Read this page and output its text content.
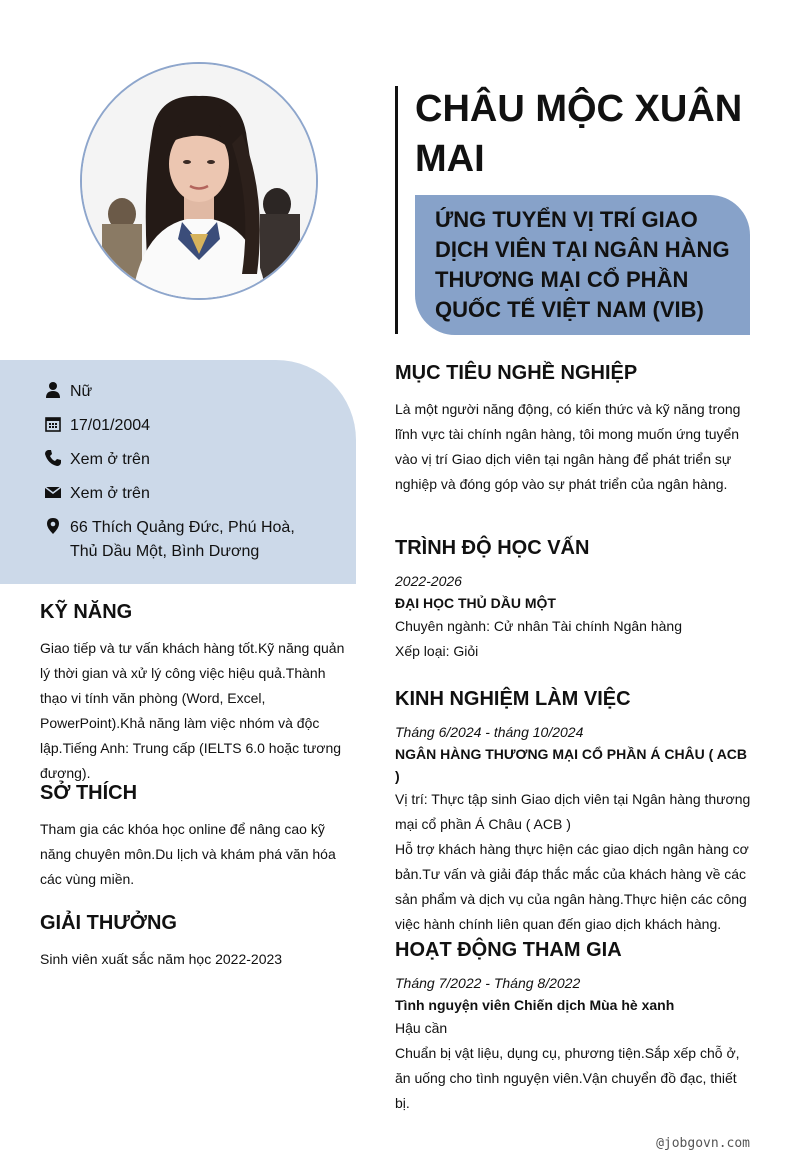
Nữ
17/01/2004
Xem ở trên
Xem ở trên
66 Thích Quảng Đức, Phú Hoà,
Thủ Dầu Một, Bình Dương
KỸ NĂNG
Giao tiếp và tư vấn khách hàng tốt.Kỹ năng quản lý thời gian và xử lý công việc hiệu quả.Thành thạo vi tính văn phòng (Word, Excel, PowerPoint).Khả năng làm việc nhóm và độc lập.Tiếng Anh: Trung cấp (IELTS 6.0 hoặc tương đương).
SỞ THÍCH
Tham gia các khóa học online để nâng cao kỹ năng chuyên môn.Du lịch và khám phá văn hóa các vùng miền.
GIẢI THƯỞNG
Sinh viên xuất sắc năm học 2022-2023
CHÂU MỘC XUÂN MAI
ỨNG TUYỂN VỊ TRÍ GIAO DỊCH VIÊN TẠI NGÂN HÀNG THƯƠNG MẠI CỔ PHẦN QUỐC TẾ VIỆT NAM (VIB)
MỤC TIÊU NGHỀ NGHIỆP
Là một người năng động, có kiến thức và kỹ năng trong lĩnh vực tài chính ngân hàng, tôi mong muốn ứng tuyển vào vị trí Giao dịch viên tại ngân hàng để phát triển sự nghiệp và đóng góp vào sự phát triển của ngân hàng.
TRÌNH ĐỘ HỌC VẤN
2022-2026
ĐẠI HỌC THỦ DẦU MỘT
Chuyên ngành: Cử nhân Tài chính Ngân hàng
Xếp loại: Giỏi
KINH NGHIỆM LÀM VIỆC
Tháng 6/2024 - tháng 10/2024
NGÂN HÀNG THƯƠNG MẠI CỔ PHẦN Á CHÂU ( ACB )
Vị trí: Thực tập sinh Giao dịch viên tại Ngân hàng thương mại cổ phần Á Châu ( ACB )
Hỗ trợ khách hàng thực hiện các giao dịch ngân hàng cơ bản.Tư vấn và giải đáp thắc mắc của khách hàng về các sản phẩm và dịch vụ của ngân hàng.Thực hiện các công việc hành chính liên quan đến giao dịch khách hàng.
HOẠT ĐỘNG THAM GIA
Tháng 7/2022 - Tháng 8/2022
Tình nguyện viên Chiến dịch Mùa hè xanh
Hậu cần
Chuẩn bị vật liệu, dụng cụ, phương tiện.Sắp xếp chỗ ở, ăn uống cho tình nguyện viên.Vận chuyển đồ đạc, thiết bị.
@jobgovn.com
